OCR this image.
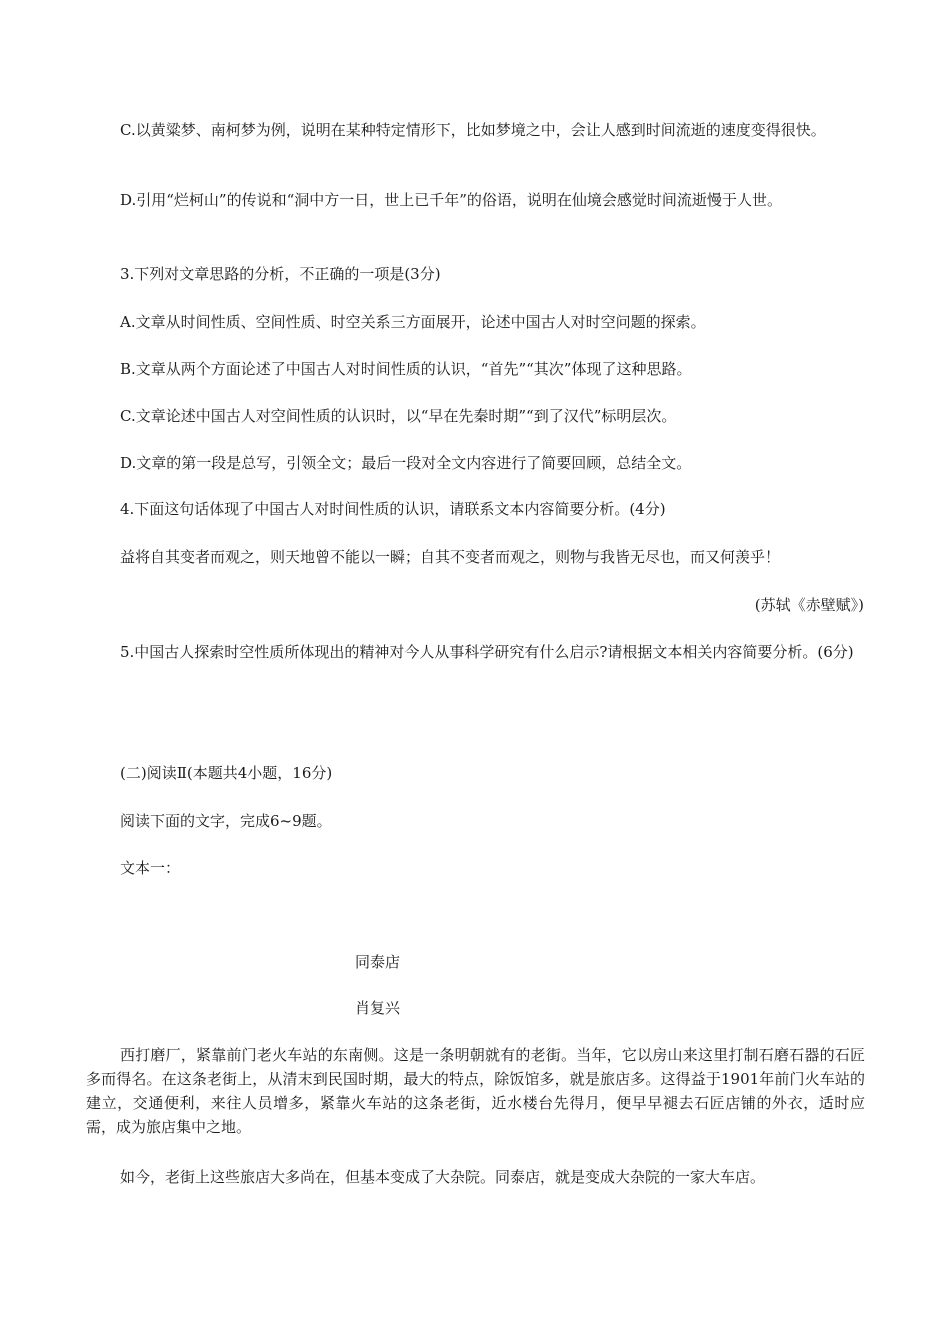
C.以黄粱梦、南柯梦为例，说明在某种特定情形下，比如梦境之中，会让人感到时间流逝的速度变得很快。
D.引用“烂柯山”的传说和“洞中方一日，世上已千年”的俗语，说明在仙境会感觉时间流逝慢于人世。
3.下列对文章思路的分析，不正确的一项是(3分)
A.文章从时间性质、空间性质、时空关系三方面展开，论述中国古人对时空问题的探索。
B.文章从两个方面论述了中国古人对时间性质的认识，“首先”“其次”体现了这种思路。
C.文章论述中国古人对空间性质的认识时，以“早在先秦时期”“到了汉代”标明层次。
D.文章的第一段是总写，引领全文；最后一段对全文内容进行了简要回顾，总结全文。
4.下面这句话体现了中国古人对时间性质的认识，请联系文本内容简要分析。(4分)
益将自其变者而观之，则天地曾不能以一瞬；自其不变者而观之，则物与我皆无尽也，而又何羡乎！
(苏轼《赤壁赋》)
5.中国古人探索时空性质所体现出的精神对今人从事科学研究有什么启示?请根据文本相关内容简要分析。(6分)
(二)阅读Ⅱ(本题共4小题，16分)
阅读下面的文字，完成6~9题。
文本一：
同泰店
肖复兴
西打磨厂，紧靠前门老火车站的东南侧。这是一条明朝就有的老街。当年，它以房山来这里打制石磨石器的石匠多而得名。在这条老街上，从清末到民国时期，最大的特点，除饭馆多，就是旅店多。这得益于1901年前门火车站的建立，交通便利，来往人员增多，紧靠火车站的这条老街，近水楼台先得月，便早早褪去石匠店铺的外衣，适时应需，成为旅店集中之地。
如今，老街上这些旅店大多尚在，但基本变成了大杂院。同泰店，就是变成大杂院的一家大车店。
